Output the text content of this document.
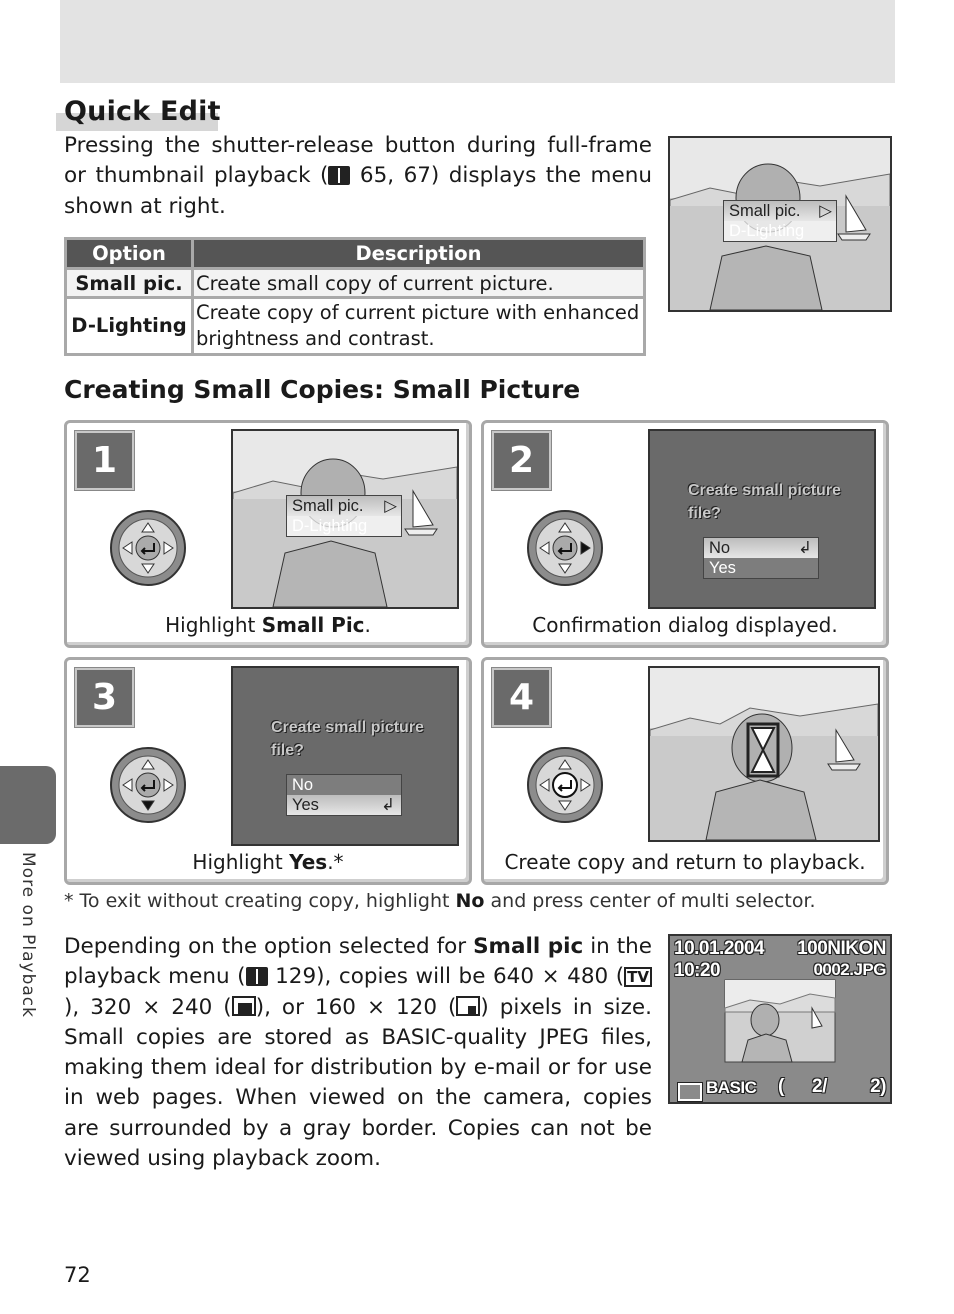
Quick Edit
Pressing the shutter-release button during full-frame or thumbnail playback ( 65, 67) displays the menu shown at right.	Small pic. ▷
D-Lighting
Option	Description
Small pic.	Create small copy of current picture.
D-Lighting	Create copy of current picture with enhanced brightness and contrast.
Creating Small Copies: Small Picture
1
Small pic. ▷
D-Lighting
Highlight Small Pic.
2
Create small picture
file?
No	↲
Yes
Confirmation dialog displayed.
3
Create small picture
file?
No
Yes	↲
Highlight Yes.*
4
Create copy and return to playback.
* To exit without creating copy, highlight No and press center of multi selector.
Depending on the option selected for Small pic in the playback menu ( 129), copies will be 640 × 480 ( TV), 320 × 240 ( ), or 160 × 120 ( ) pixels in size. Small copies are stored as BASIC-quality JPEG files, making them ideal for distribution by e-mail or for use in web pages. When viewed on the camera, copies are surrounded by a gray border. Copies can not be viewed using playback zoom.
10.01.2004
10:20
100NIKON
0002.JPG
BASIC ( 2/ 2)
More on Playback
72
